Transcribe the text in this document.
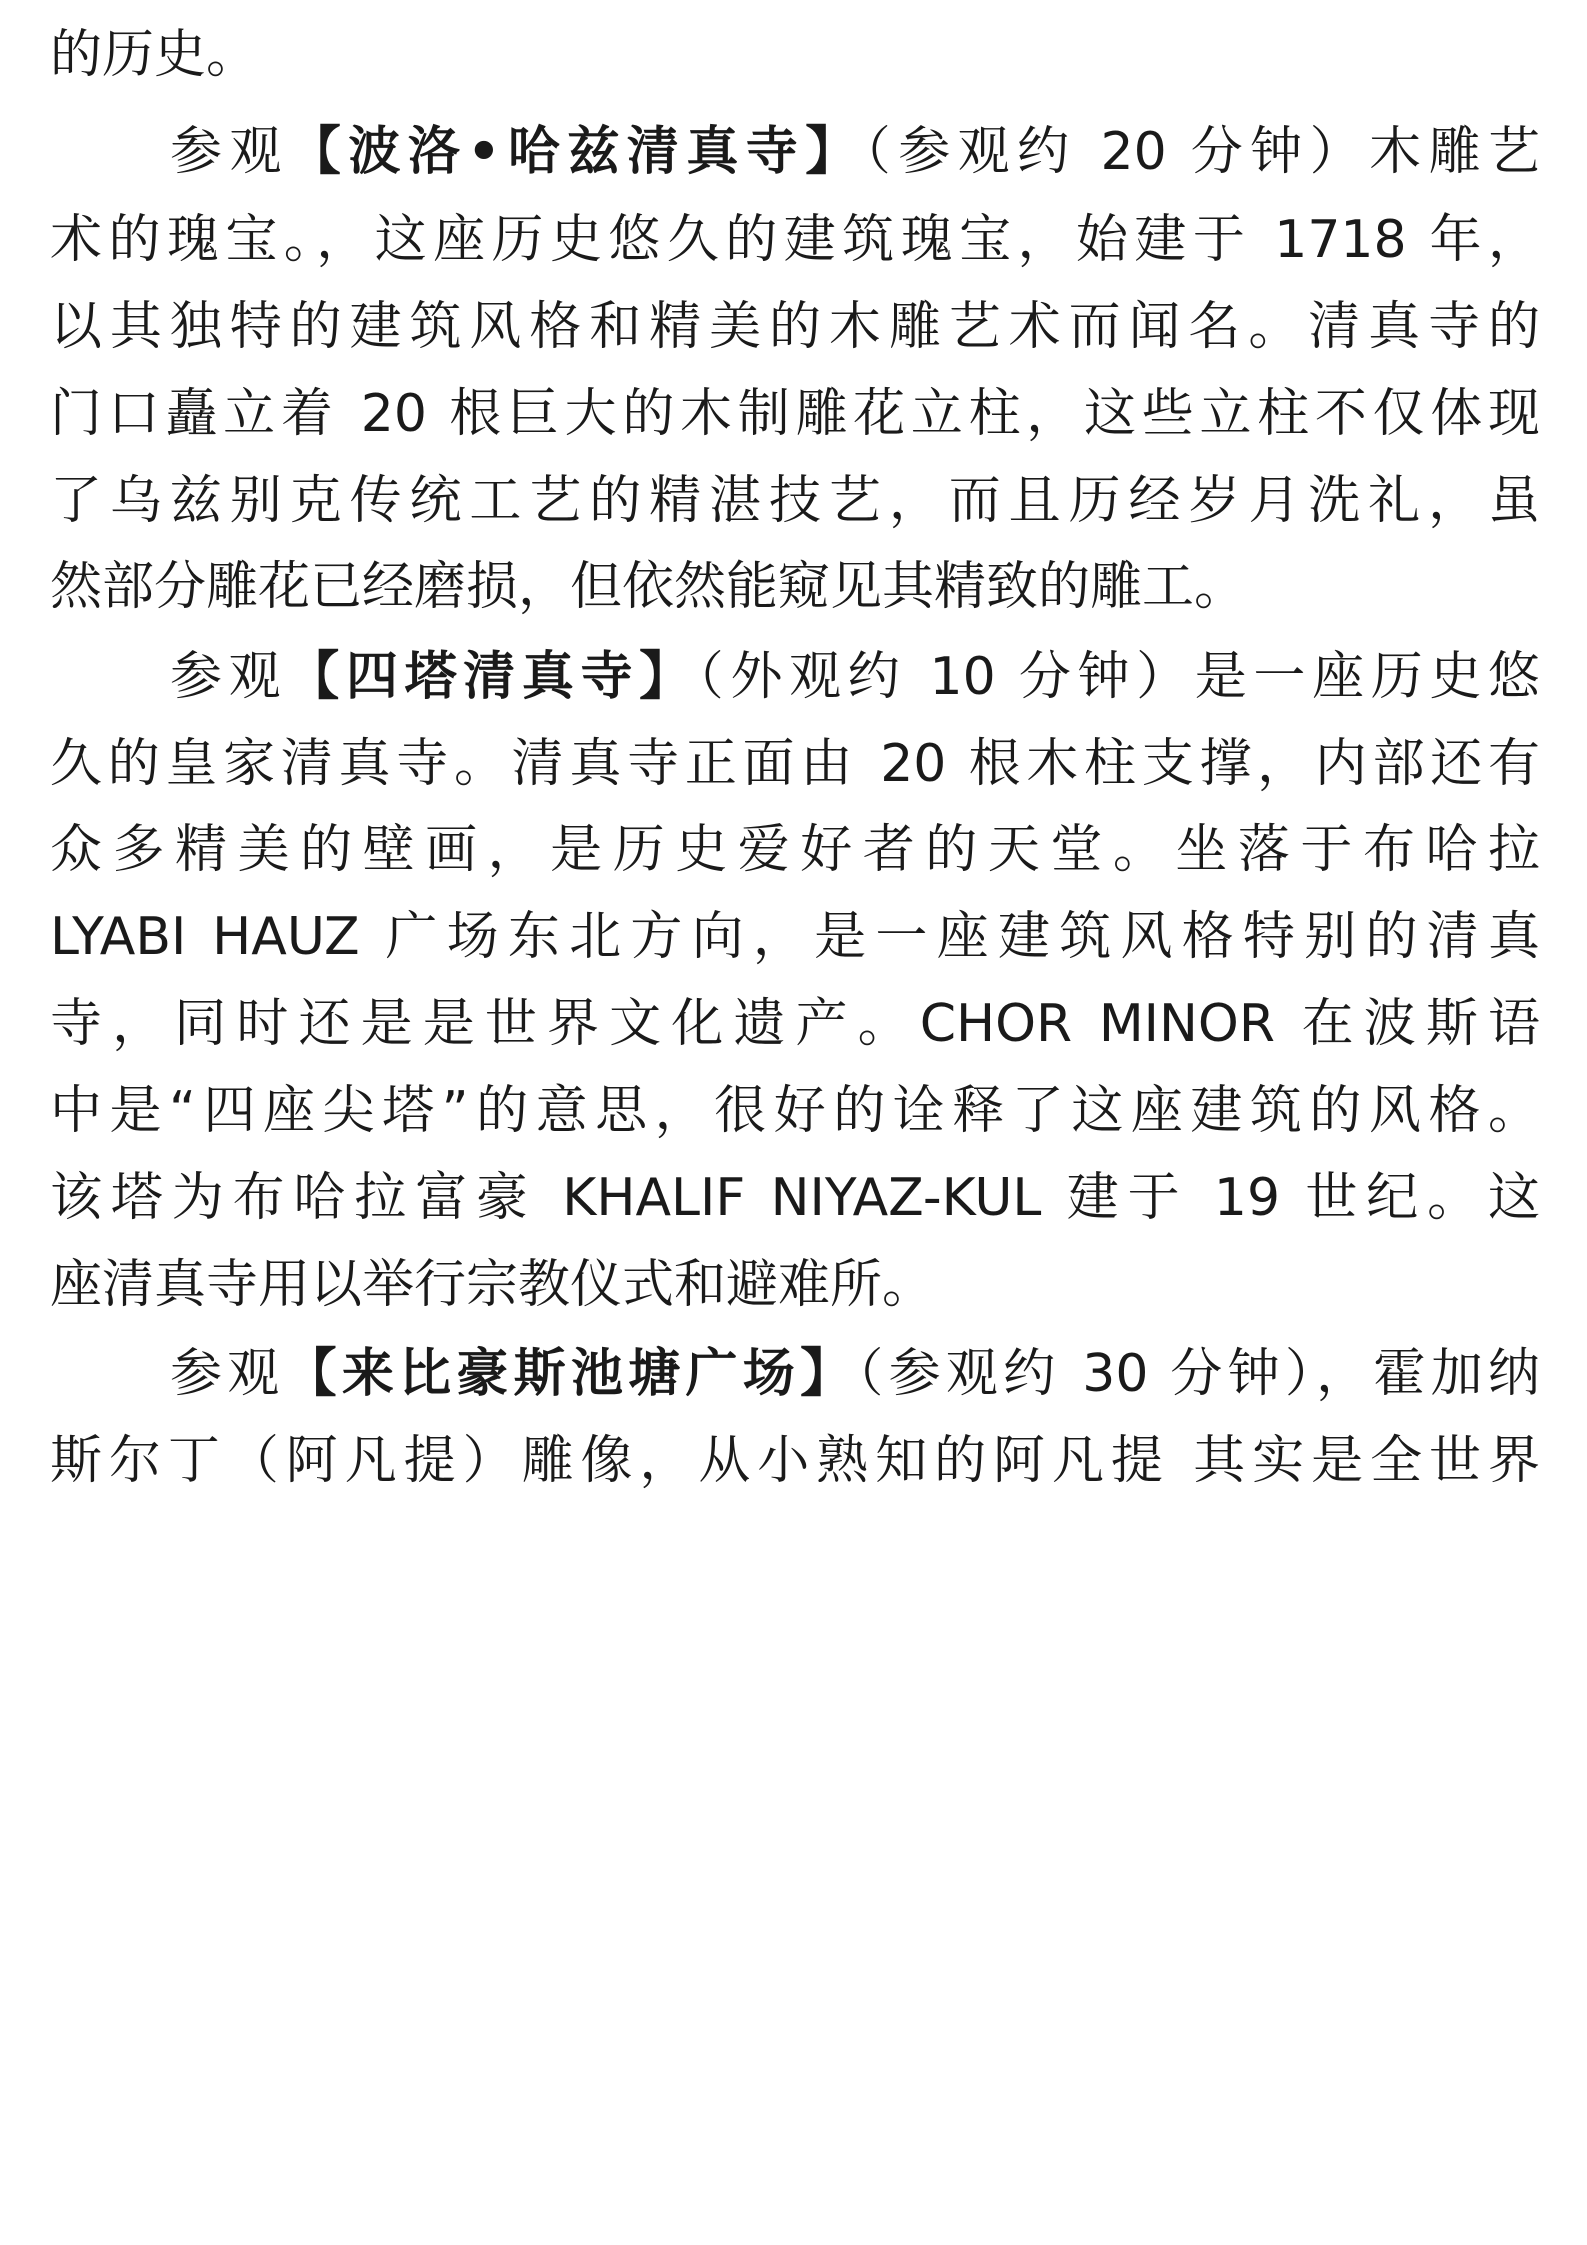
的历史。
参观【波洛•哈兹清真寺】（参观约 20 分钟）木雕艺
术的瑰宝。，这座历史悠久的建筑瑰宝，始建于 1718 年，
以其独特的建筑风格和精美的木雕艺术而闻名。清真寺的
门口矗立着 20 根巨大的木制雕花立柱，这些立柱不仅体现
了乌兹别克传统工艺的精湛技艺，而且历经岁月洗礼，虽
然部分雕花已经磨损，但依然能窥见其精致的雕工。
参观【四塔清真寺】（外观约 10 分钟）是一座历史悠
久的皇家清真寺。清真寺正面由 20 根木柱支撑，内部还有
众多精美的壁画，是历史爱好者的天堂。坐落于布哈拉
LYABI HAUZ 广场东北方向，是一座建筑风格特别的清真
寺，同时还是是世界文化遗产。CHOR MINOR 在波斯语
中是“四座尖塔”的意思，很好的诠释了这座建筑的风格。
该塔为布哈拉富豪 KHALIF NIYAZ-KUL 建于 19 世纪。这
座清真寺用以举行宗教仪式和避难所。
参观【来比豪斯池塘广场】（参观约 30 分钟），霍加纳
斯尔丁（阿凡提）雕像，从小熟知的阿凡提 其实是全世界
